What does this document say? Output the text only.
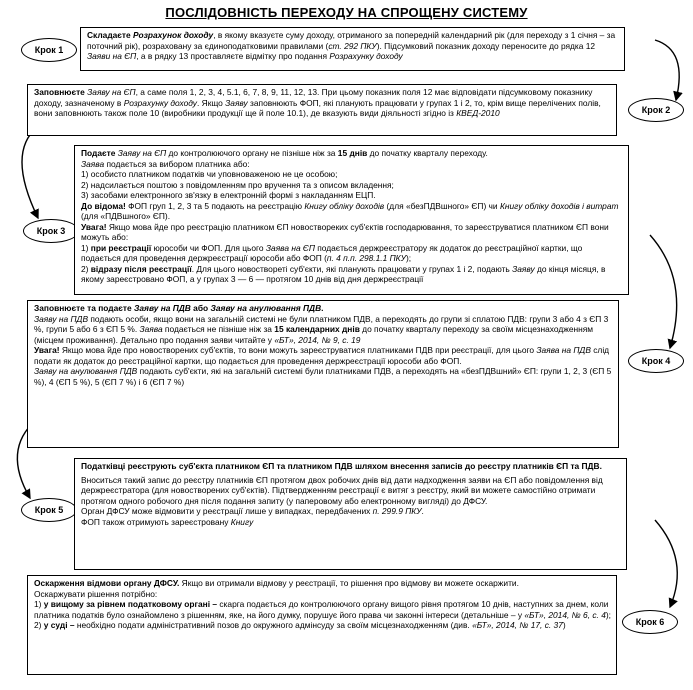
ПОСЛІДОВНІСТЬ ПЕРЕХОДУ НА СПРОЩЕНУ СИСТЕМУ
Крок 1
Крок 2
Крок 3
Крок 4
Крок 5
Крок 6

Складаєте Розрахунок доходу, в якому вказуєте суму доходу, отриманого за попередній календарний рік (для переходу з 1 січня – за поточний рік), розраховану за єдиноподатковими правилами (ст. 292 ПКУ). Підсумковий показник доходу переносите до рядка 12 Заяви на ЄП, а в рядку 13 проставляєте відмітку про подання Розрахунку доходу

Заповнюєте Заяву на ЄП, а саме поля 1, 2, 3, 4, 5.1, 6, 7, 8, 9, 11, 12, 13. При цьому показник поля 12 має відповідати підсумковому показнику доходу, зазначеному в Розрахунку доходу. Якщо Заяву заповнюють ФОП, які планують працювати у групах 1 і 2, то, крім вище перелічених полів, вони заповнюють також поле 10 (виробники продукції ще й поле 10.1), де вказують види діяльності згідно із КВЕД-2010

Подаєте Заяву на ЄП до контролюючого органу не пізніше ніж за 15 днів до початку кварталу переходу.

Заява подається за вибором платника або:

1) особисто платником податків чи уповноваженою не це особою;

2) надсилається поштою з повідомленням про вручення та з описом вкладення;

3) засобами електронного зв'язку в електронній формі з накладанням ЕЦП.

До відома! ФОП груп 1, 2, 3 та 5 подають на реєстрацію Книгу обліку доходів (для «безПДВшного» ЄП) чи Книгу обліку доходів і витрат (для «ПДВшного» ЄП).

Увага! Якщо мова йде про реєстрацію платником ЄП новоствореких суб'єктів господарювання, то зареєструватися платником ЄП вони можуть або:

1) при реєстрації юрособи чи ФОП. Для цього Заява на ЄП подається держреєстратору як додаток до реєстраційної картки, що подається для проведення держреєстрації юрособи або ФОП (п. 4 п.п. 298.1.1 ПКУ);

2) відразу після реєстрації. Для цього новоствореті суб'єкти, які планують працювати у групах 1 і 2, подають Заяву до кінця місяця, в якому зареєстровано ФОП, а у групах 3 — 6 — протягом 10 днів від дня держреєстрації

Заповнюєте та подаєте Заяву на ПДВ або Заяву на анулювання ПДВ.

Заяву на ПДВ подають особи, якщо вони на загальній системі не були платником ПДВ, а переходять до групи зі сплатою ПДВ: групи 3 або 4 з ЄП 3 %, групи 5 або 6 з ЄП 5 %. Заява подається не пізніше ніж за 15 календарних днів до початку кварталу переходу за своїм місцезнаходженням (місцем проживання). Детально про подання заяви читайте у «БТ», 2014, № 9, с. 19

Увага! Якщо мова йде про новостворених суб'єктів, то вони можуть зареєструватися платниками ПДВ при реєстрації, для цього Заява на ПДВ слід подати як додаток до реєстраційної картки, що подається для проведення держреєстрації юрособи або ФОП.

Заяву на анулювання ПДВ подають суб'єкти, які на загальній системі були платниками ПДВ, а переходять на «безПДВшний» ЄП: групи 1, 2, 3 (ЄП 5 %), 4 (ЄП 5 %), 5 (ЄП 7 %) і 6 (ЄП 7 %)

Податківці реєструють суб'єкта платником ЄП та платником ПДВ шляхом внесення записів до реєстру платників ЄП та ПДВ.

Вноситься такий запис до реєстру платників ЄП протягом двох робочих днів від дати надходження заяви на ЄП або повідомлення від держреєстратора (для новостворених суб'єктів). Підтвердженням реєстрації є витяг з реєстру, який ви можете самостійно отримати протягом одного робочого дня після подання запиту (у паперовому або електронному вигляді) до ДФСУ.

Орган ДФСУ може відмовити у реєстрації лише у випадках, передбачених п. 299.9 ПКУ.

ФОП також отримують зареєстровану Книгу

Оскарження відмови органу ДФСУ. Якщо ви отримали відмову у реєстрації, то рішення про відмову ви можете оскаржити.

Оскаржувати рішення потрібно:

1) у вищому за рівнем податковому органі – скарга подається до контролюючого органу вищого рівня протягом 10 днів, наступних за днем, коли платника податків було ознайомлено з рішенням, яке, на його думку, порушує його права чи законні інтереси (детальніше – у «БТ», 2014, № 6, с. 4);

2) у суді – необхідно подати адміністративний позов до окружного адмінсуду за своїм місцезнаходженням (див. «БТ», 2014, № 17, с. 37)
